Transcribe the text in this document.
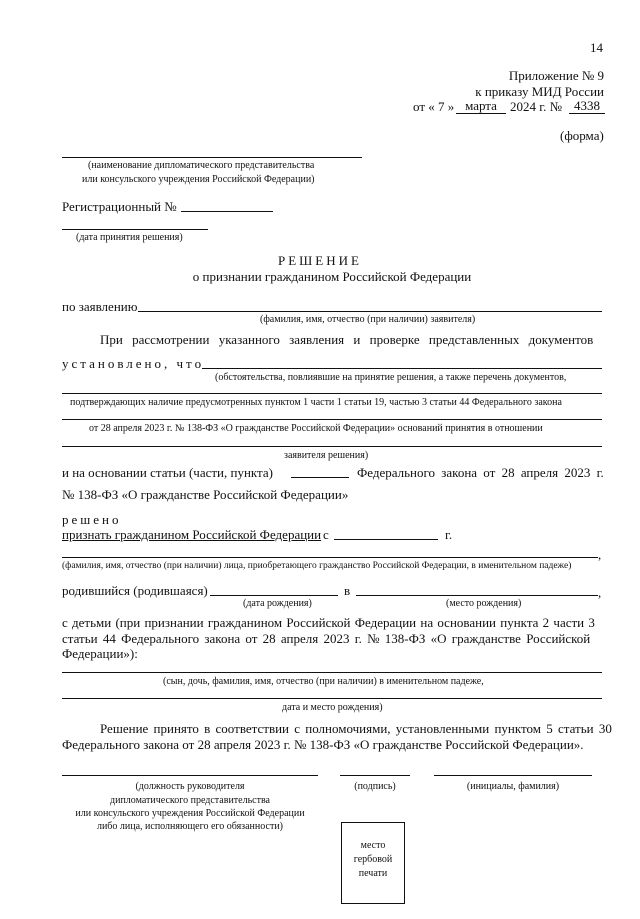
14
Приложение № 9
к приказу МИД России
от « 7 » марта	2024 г. № 4338
(форма)
(наименование дипломатического представительства
или консульского учреждения Российской Федерации)
Регистрационный №
(дата принятия решения)
РЕШЕНИЕ
о признании гражданином Российской Федерации
по заявлению
(фамилия, имя, отчество (при наличии) заявителя)
При рассмотрении указанного заявления и проверке представленных документов
установлено, что
(обстоятельства, повлиявшие на принятие решения, а также перечень документов,
подтверждающих наличие предусмотренных пунктом 1 части 1 статьи 19, частью 3 статьи 44 Федерального закона
от 28 апреля 2023 г. № 138-ФЗ «О гражданстве Российской Федерации» оснований принятия в отношении
заявителя решения)
и на основании статьи (части, пункта)	Федерального закона от 28 апреля 2023 г.
№ 138-ФЗ «О гражданстве Российской Федерации»
решено
признать гражданином Российской Федерации с	г.
,
(фамилия, имя, отчество (при наличии) лица, приобретающего гражданство Российской Федерации, в именительном падеже)
родившийся (родившаяся)	в	,
(дата рождения)	(место рождения)
с детьми (при признании гражданином Российской Федерации на основании пункта 2 части 3
статьи 44 Федерального закона от 28 апреля 2023 г. № 138-ФЗ «О гражданстве Российской
Федерации»):
(сын, дочь, фамилия, имя, отчество (при наличии) в именительном падеже,
дата и место рождения)
Решение принято в соответствии с полномочиями, установленными пунктом 5 статьи 30
Федерального закона от 28 апреля 2023 г. № 138-ФЗ «О гражданстве Российской Федерации».
(должность руководителя
дипломатического представительства
или консульского учреждения Российской Федерации
либо лица, исполняющего его обязанности)
(подпись)	(инициалы, фамилия)
место
гербовой
печати
